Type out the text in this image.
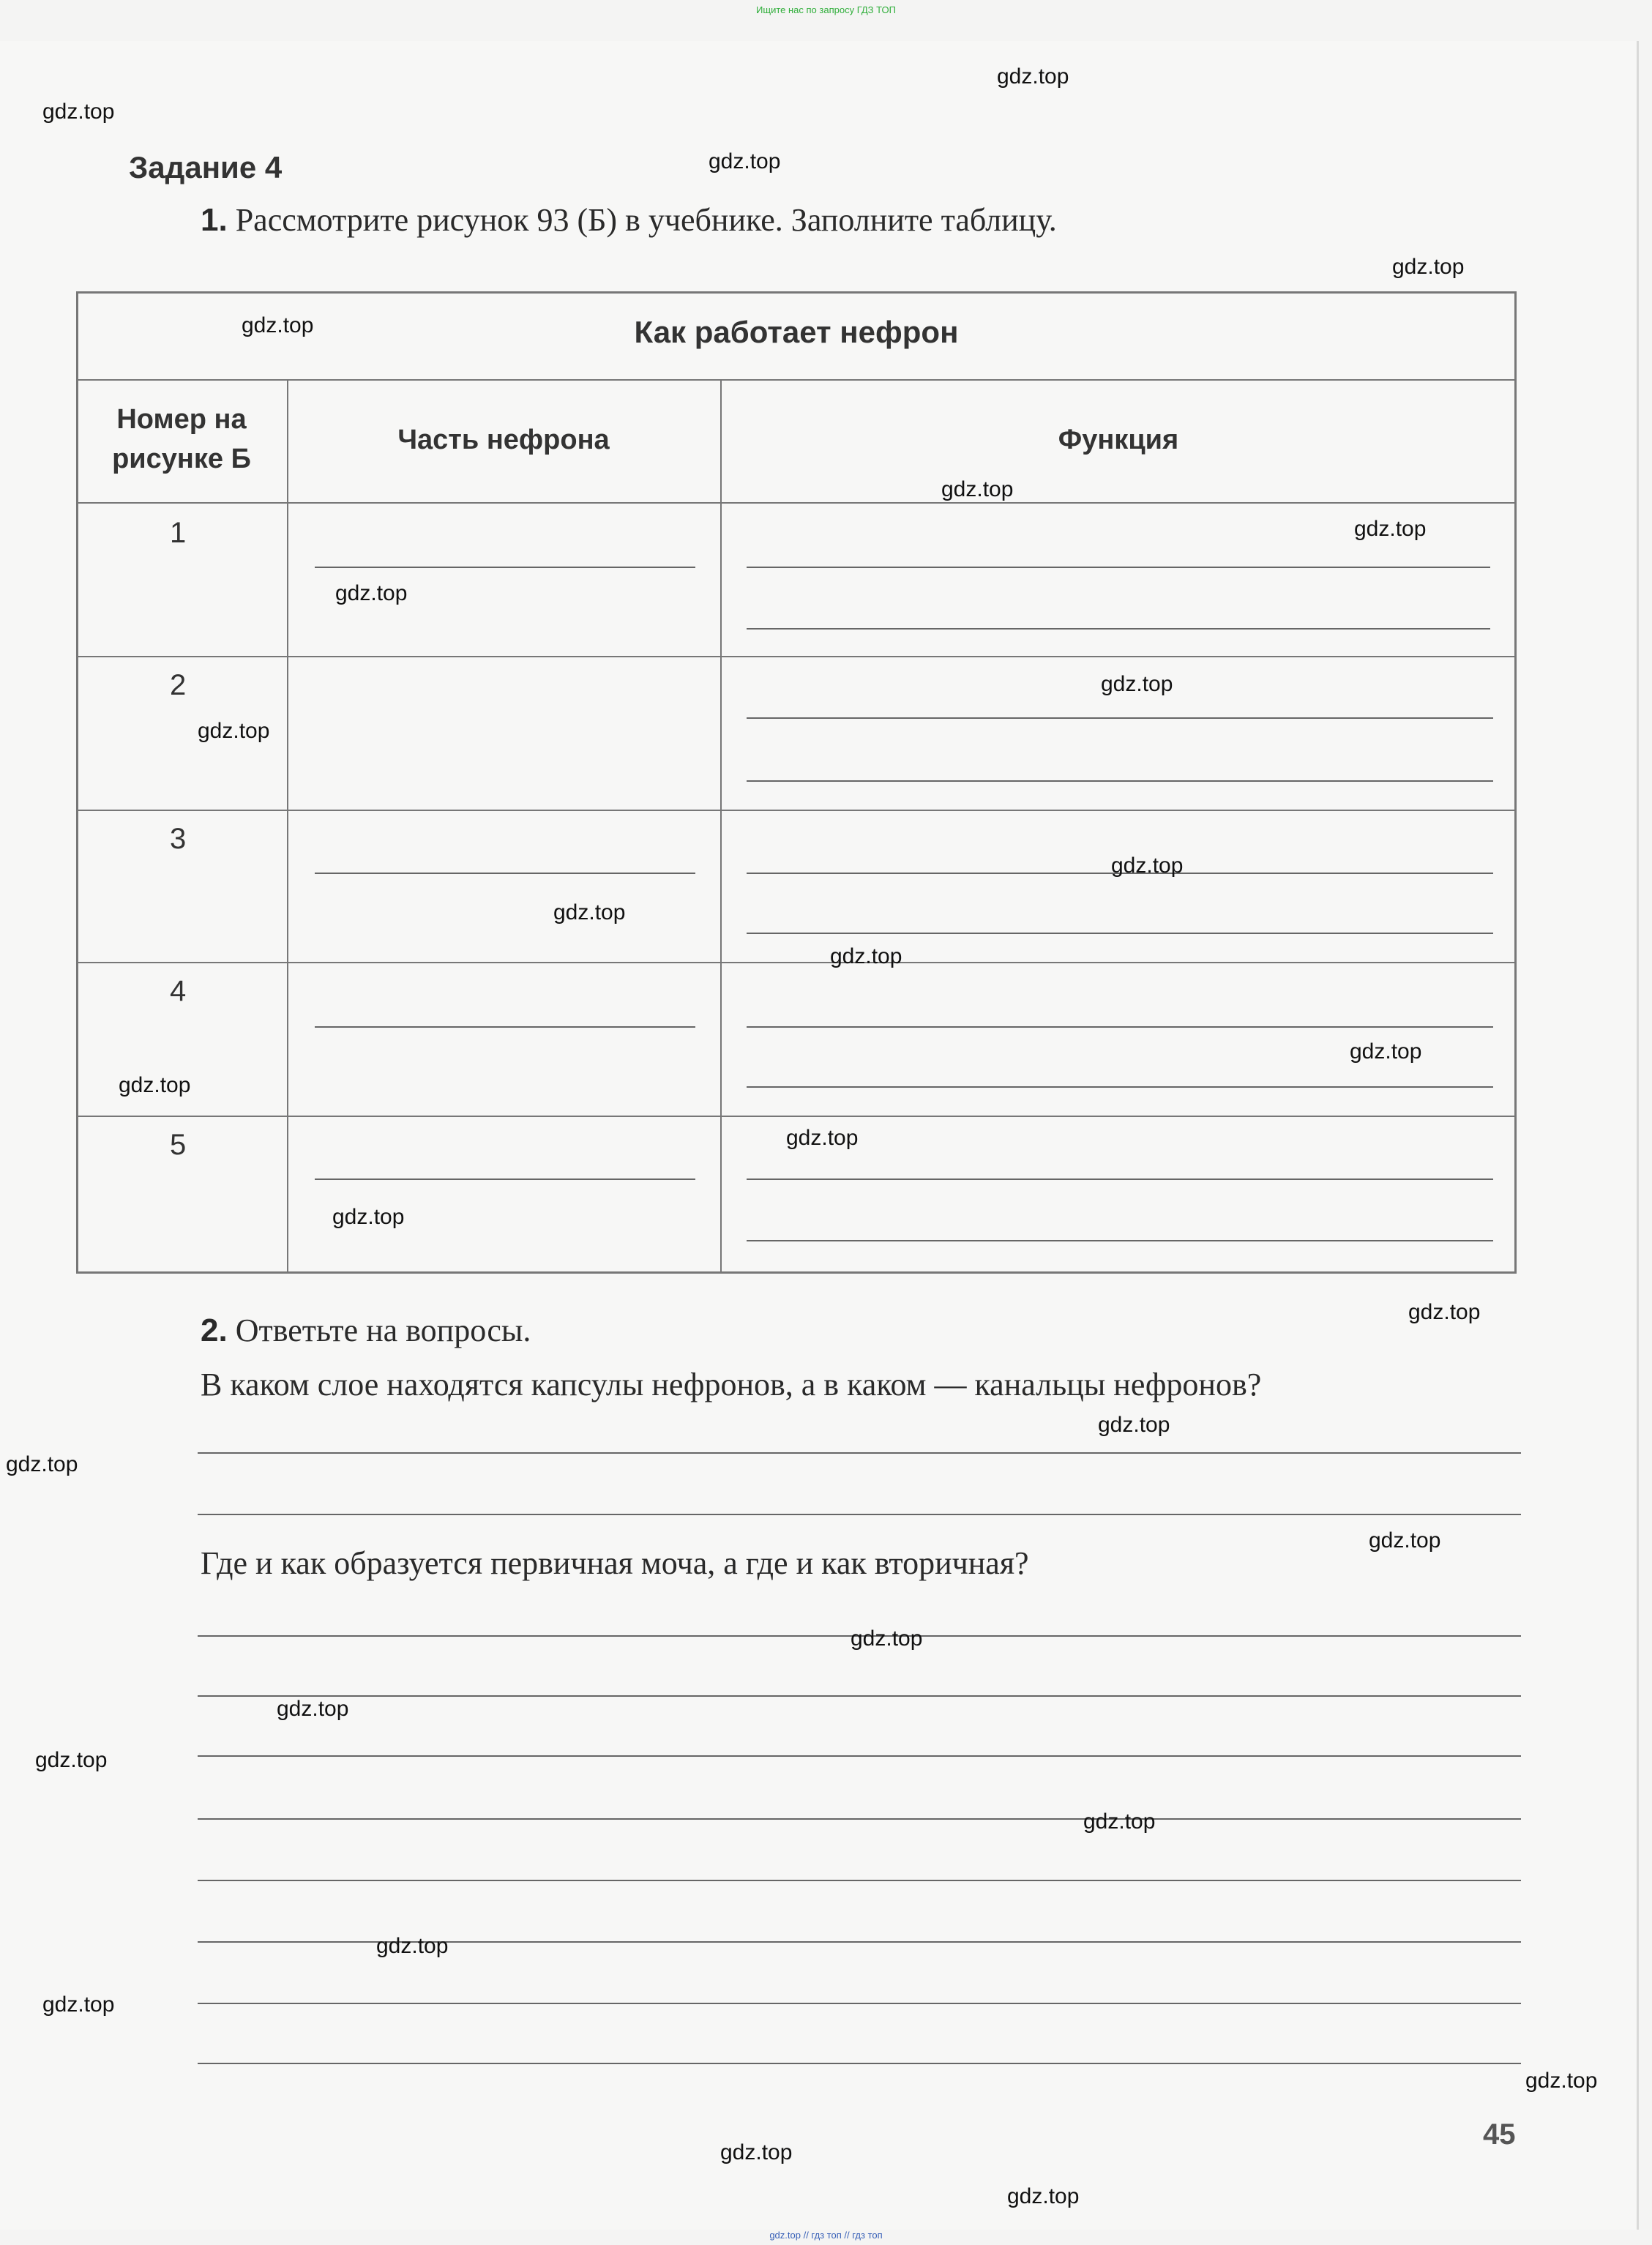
Ищите нас по запросу ГДЗ ТОП
Задание 4
1. Рассмотрите рисунок 93 (Б) в учебнике. Заполните таблицу.
Как работает нефрон
Номер на
рисунке Б
Часть нефрона	Функция
1
2
3
4
5
2. Ответьте на вопросы.
В каком слое находятся капсулы нефронов, а в каком — канальцы нефронов?
Где и как образуется первичная моча, а где и как вторичная?
45
gdz.top
gdz.top
gdz.top
gdz.top
gdz.top
gdz.top
gdz.top
gdz.top
gdz.top
gdz.top
gdz.top
gdz.top
gdz.top
gdz.top
gdz.top
gdz.top
gdz.top
gdz.top
gdz.top
gdz.top
gdz.top
gdz.top
gdz.top
gdz.top
gdz.top
gdz.top
gdz.top
gdz.top
gdz.top
gdz.top
gdz.top // гдз топ // гдз топ
